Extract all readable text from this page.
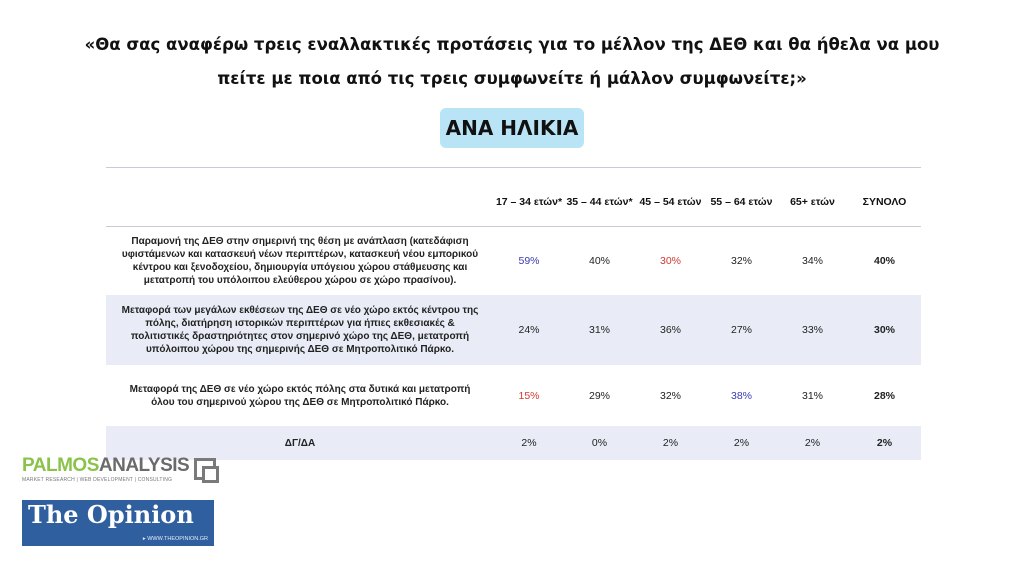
«Θα σας αναφέρω τρεις εναλλακτικές προτάσεις για το μέλλον της ΔΕΘ και θα ήθελα να μου
πείτε με ποια από τις τρεις συμφωνείτε ή μάλλον συμφωνείτε;»
ΑΝΑ ΗΛΙΚΙΑ
	17 – 34 ετών*	35 – 44 ετών*	45 – 54 ετών	55 – 64 ετών	65+ ετών	ΣΥΝΟΛΟ
Παραμονή της ΔΕΘ στην σημερινή της θέση με ανάπλαση (κατεδάφιση υφιστάμενων και κατασκευή νέων περιπτέρων, κατασκευή νέου εμπορικού κέντρου και ξενοδοχείου, δημιουργία υπόγειου χώρου στάθμευσης και μετατροπή του υπόλοιπου ελεύθερου χώρου σε χώρο πρασίνου).	59%	40%	30%	32%	34%	40%
Μεταφορά των μεγάλων εκθέσεων της ΔΕΘ σε νέο χώρο εκτός κέντρου της πόλης, διατήρηση ιστορικών περιπτέρων για ήπιες εκθεσιακές & πολιτιστικές δραστηριότητες στον σημερινό χώρο της ΔΕΘ, μετατροπή υπόλοιπου χώρου της σημερινής ΔΕΘ σε Μητροπολιτικό Πάρκο.	24%	31%	36%	27%	33%	30%
Μεταφορά της ΔΕΘ σε νέο χώρο εκτός πόλης στα δυτικά και μετατροπή όλου του σημερινού χώρου της ΔΕΘ σε Μητροπολιτικό Πάρκο.	15%	29%	32%	38%	31%	28%
ΔΓ/ΔΑ	2%	0%	2%	2%	2%	2%
PALMOSANALYSIS
MARKET RESEARCH | WEB DEVELOPMENT | CONSULTING
The Opinion
▸ WWW.THEOPINION.GR
